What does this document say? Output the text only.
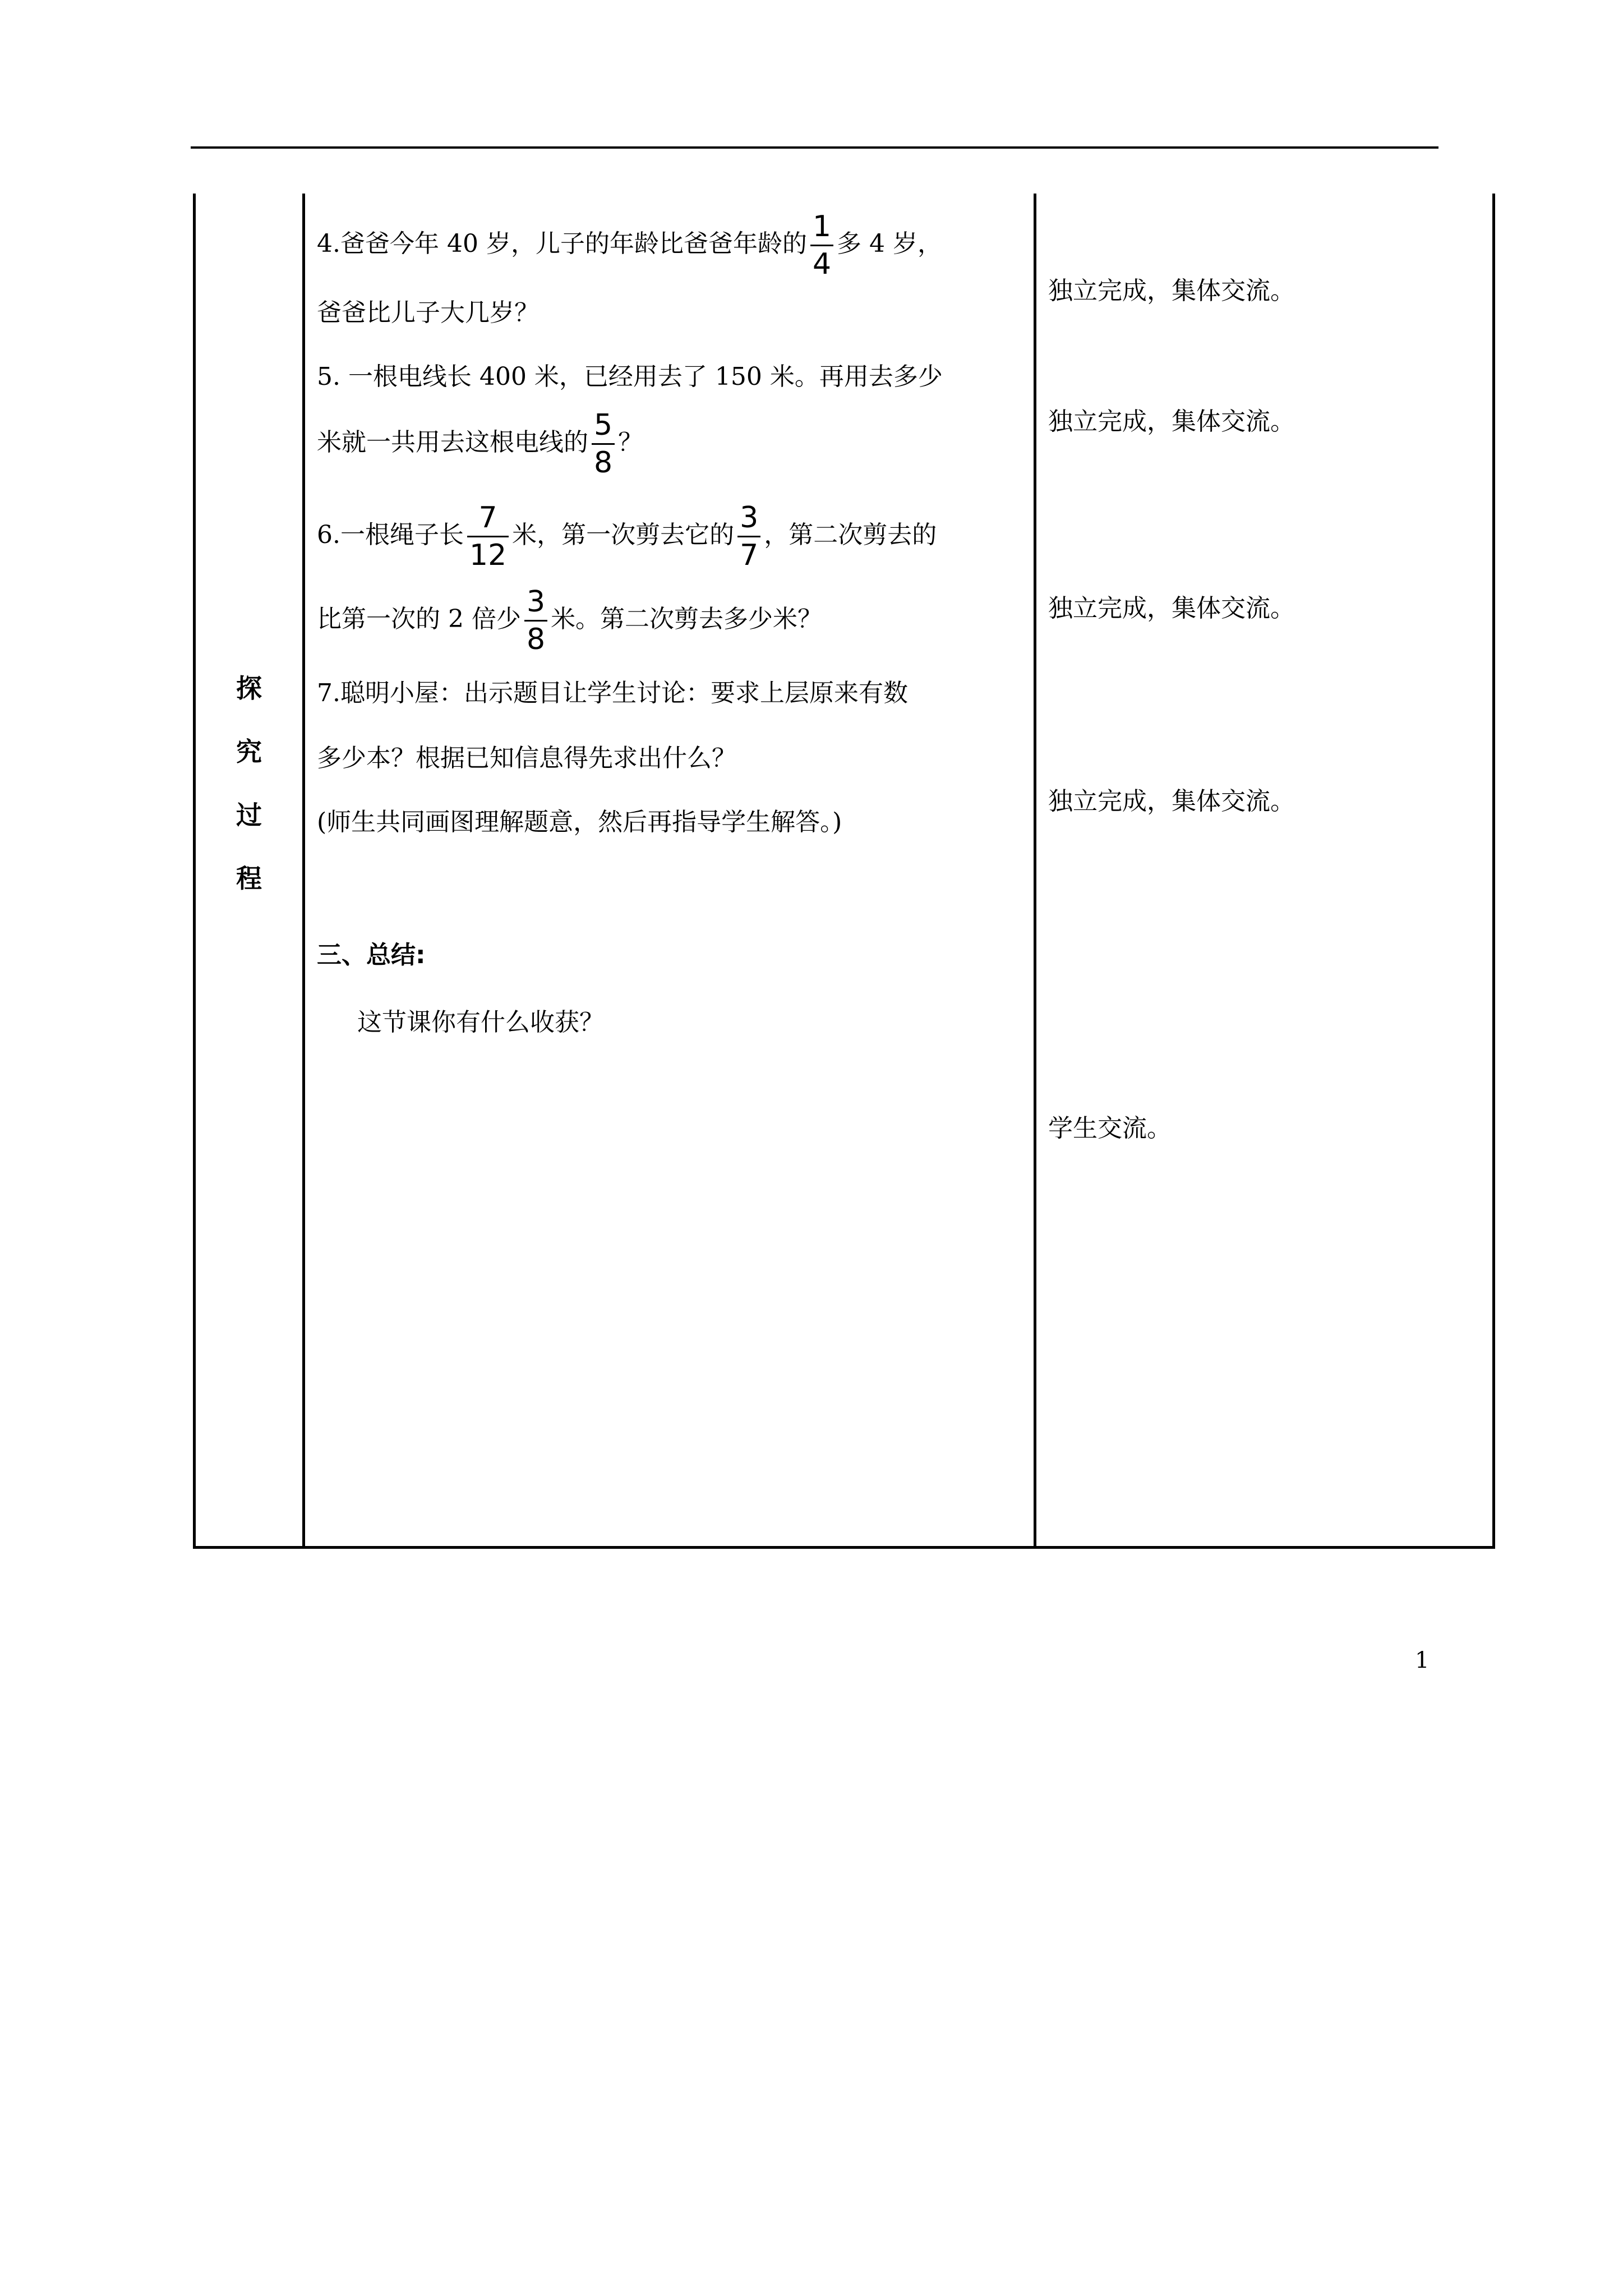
探
究
过
程
4.爸爸今年 40 岁，儿子的年龄比爸爸年龄的 $\frac{1}{4}$ 多 4 岁，
爸爸比儿子大几岁？
5. 一根电线长 400 米，已经用去了 150 米。再用去多少
米就一共用去这根电线的 $\frac{5}{8}$ ？
6.一根绳子长 $\frac{7}{12}$ 米，第一次剪去它的 $\frac{3}{7}$ ，第二次剪去的
比第一次的 2 倍少 $\frac{3}{8}$ 米。第二次剪去多少米？
7.聪明小屋：出示题目让学生讨论：要求上层原来有数
多少本？根据已知信息得先求出什么？
(师生共同画图理解题意，然后再指导学生解答。)
三、总结:
这节课你有什么收获？
独立完成，集体交流。
独立完成，集体交流。
独立完成，集体交流。
独立完成，集体交流。
学生交流。
1
